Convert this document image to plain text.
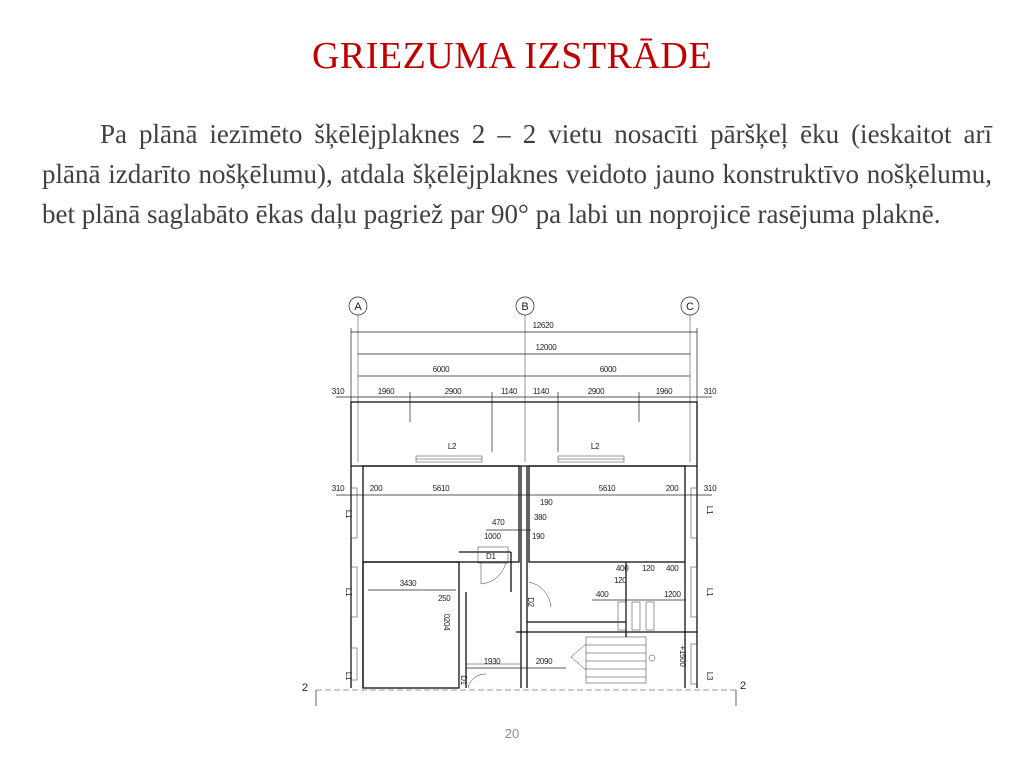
GRIEZUMA IZSTRĀDE

Pa plānā iezīmēto šķēlējplaknes 2 – 2 vietu nosacīti pāršķeļ ēku (ieskaitot arī plānā izdarīto nošķēlumu), atdala šķēlējplaknes veidoto jauno konstruktīvo nošķēlumu, bet plānā saglabāto ēkas daļu pagriež par 90° pa labi un noprojicē rasējuma plaknē.

A	B	C
12620
12000
6000	6000
310	1960	2900	1140 1140	2900	1960	310
L2	L2
L1
L1
L1
L1
L1
L3
310	200	5610	5610	200	310
190
380
470
1000	190
D1
D2
3430
250
0204
400 120 400
120
400	1200
+1500
1930	2090
D1
2	2
20
